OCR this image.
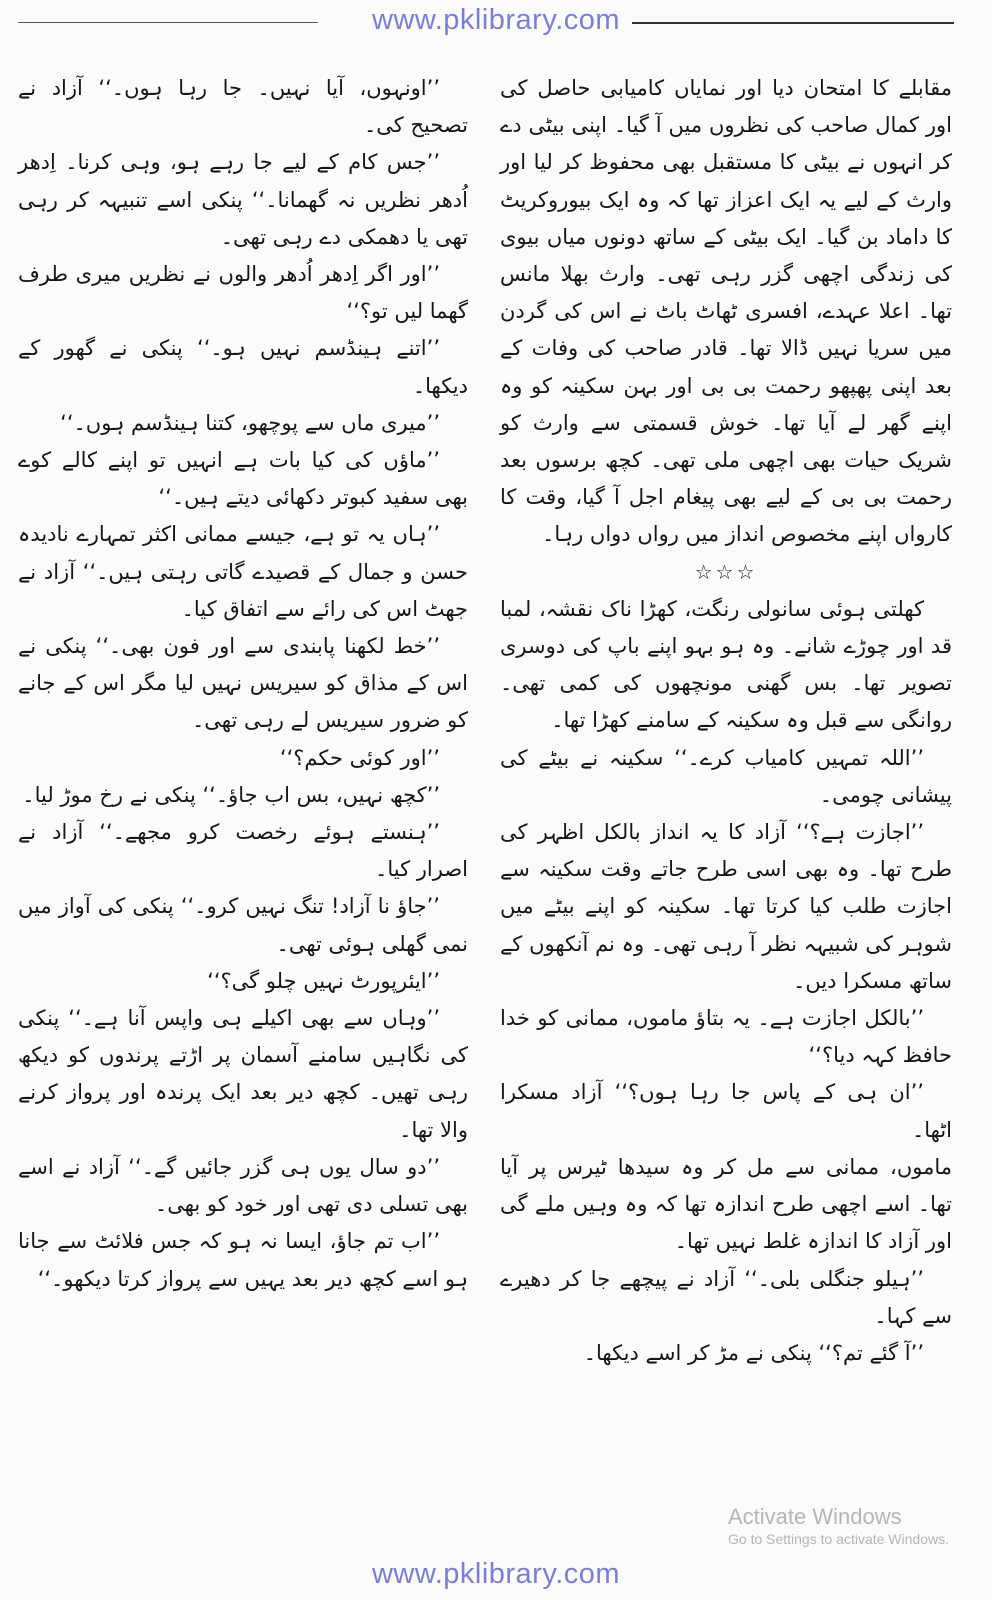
www.pklibrary.com

مقابلے کا امتحان دیا اور نمایاں کامیابی حاصل کی اور کمال صاحب کی نظروں میں آ گیا۔ اپنی بیٹی دے کر انہوں نے بیٹی کا مستقبل بھی محفوظ کر لیا اور وارث کے لیے یہ ایک اعزاز تھا کہ وہ ایک بیوروکریٹ کا داماد بن گیا۔ ایک بیٹی کے ساتھ دونوں میاں بیوی کی زندگی اچھی گزر رہی تھی۔ وارث بھلا مانس تھا۔ اعلا عہدے، افسری ٹھاٹ باٹ نے اس کی گردن میں سریا نہیں ڈالا تھا۔ قادر صاحب کی وفات کے بعد اپنی پھپھو رحمت بی بی اور بہن سکینہ کو وہ اپنے گھر لے آیا تھا۔ خوش قسمتی سے وارث کو شریک حیات بھی اچھی ملی تھی۔ کچھ برسوں بعد رحمت بی بی کے لیے بھی پیغام اجل آ گیا، وقت کا کارواں اپنے مخصوص انداز میں رواں دواں رہا۔

☆☆☆

کھلتی ہوئی سانولی رنگت، کھڑا ناک نقشہ، لمبا قد اور چوڑے شانے۔ وہ ہو بہو اپنے باپ کی دوسری تصویر تھا۔ بس گھنی مونچھوں کی کمی تھی۔ روانگی سے قبل وہ سکینہ کے سامنے کھڑا تھا۔

’’اللہ تمہیں کامیاب کرے۔‘‘ سکینہ نے بیٹے کی پیشانی چومی۔

’’اجازت ہے؟‘‘ آزاد کا یہ انداز بالکل اظہر کی طرح تھا۔ وہ بھی اسی طرح جاتے وقت سکینہ سے اجازت طلب کیا کرتا تھا۔ سکینہ کو اپنے بیٹے میں شوہر کی شبیہہ نظر آ رہی تھی۔ وہ نم آنکھوں کے ساتھ مسکرا دیں۔

’’بالکل اجازت ہے۔ یہ بتاؤ ماموں، ممانی کو خدا حافظ کہہ دیا؟‘‘

’’ان ہی کے پاس جا رہا ہوں؟‘‘ آزاد مسکرا اٹھا۔

ماموں، ممانی سے مل کر وہ سیدھا ٹیرس پر آیا تھا۔ اسے اچھی طرح اندازہ تھا کہ وہ وہیں ملے گی اور آزاد کا اندازہ غلط نہیں تھا۔

’’ہیلو جنگلی بلی۔‘‘ آزاد نے پیچھے جا کر دھیرے سے کہا۔

’’آ گئے تم؟‘‘ پنکی نے مڑ کر اسے دیکھا۔

’’اونہوں، آیا نہیں۔ جا رہا ہوں۔‘‘ آزاد نے تصحیح کی۔

’’جس کام کے لیے جا رہے ہو، وہی کرنا۔ اِدھر اُدھر نظریں نہ گھمانا۔‘‘ پنکی اسے تنبیہہ کر رہی تھی یا دھمکی دے رہی تھی۔

’’اور اگر اِدھر اُدھر والوں نے نظریں میری طرف گھما لیں تو؟‘‘

’’اتنے ہینڈسم نہیں ہو۔‘‘ پنکی نے گھور کے دیکھا۔

’’میری ماں سے پوچھو، کتنا ہینڈسم ہوں۔‘‘

’’ماؤں کی کیا بات ہے انہیں تو اپنے کالے کوے بھی سفید کبوتر دکھائی دیتے ہیں۔‘‘

’’ہاں یہ تو ہے، جیسے ممانی اکثر تمہارے نادیدہ حسن و جمال کے قصیدے گاتی رہتی ہیں۔‘‘ آزاد نے جھٹ اس کی رائے سے اتفاق کیا۔

’’خط لکھنا پابندی سے اور فون بھی۔‘‘ پنکی نے اس کے مذاق کو سیریس نہیں لیا مگر اس کے جانے کو ضرور سیریس لے رہی تھی۔

’’اور کوئی حکم؟‘‘

’’کچھ نہیں، بس اب جاؤ۔‘‘ پنکی نے رخ موڑ لیا۔

’’ہنستے ہوئے رخصت کرو مجھے۔‘‘ آزاد نے اصرار کیا۔

’’جاؤ نا آزاد! تنگ نہیں کرو۔‘‘ پنکی کی آواز میں نمی گھلی ہوئی تھی۔

’’ایئرپورٹ نہیں چلو گی؟‘‘

’’وہاں سے بھی اکیلے ہی واپس آنا ہے۔‘‘ پنکی کی نگاہیں سامنے آسمان پر اڑتے پرندوں کو دیکھ رہی تھیں۔ کچھ دیر بعد ایک پرندہ اور پرواز کرنے والا تھا۔

’’دو سال یوں ہی گزر جائیں گے۔‘‘ آزاد نے اسے بھی تسلی دی تھی اور خود کو بھی۔

’’اب تم جاؤ، ایسا نہ ہو کہ جس فلائٹ سے جانا ہو اسے کچھ دیر بعد یہیں سے پرواز کرتا دیکھو۔‘‘

Activate Windows
Go to Settings to activate Windows.
www.pklibrary.com
